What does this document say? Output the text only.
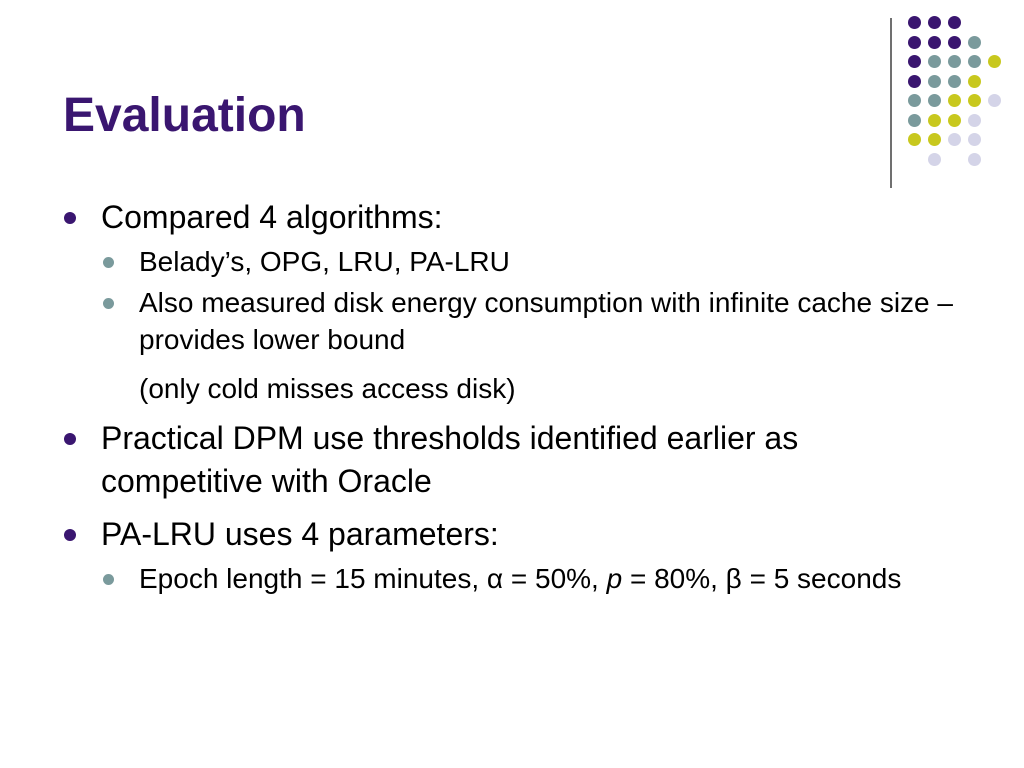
Evaluation
Compared 4 algorithms:
Belady’s, OPG, LRU, PA-LRU
Also measured disk energy consumption with infinite cache size – provides lower bound
(only cold misses access disk)
Practical DPM use thresholds identified earlier as competitive with Oracle
PA-LRU uses 4 parameters:
Epoch length = 15 minutes, α = 50%, p = 80%, β = 5 seconds
